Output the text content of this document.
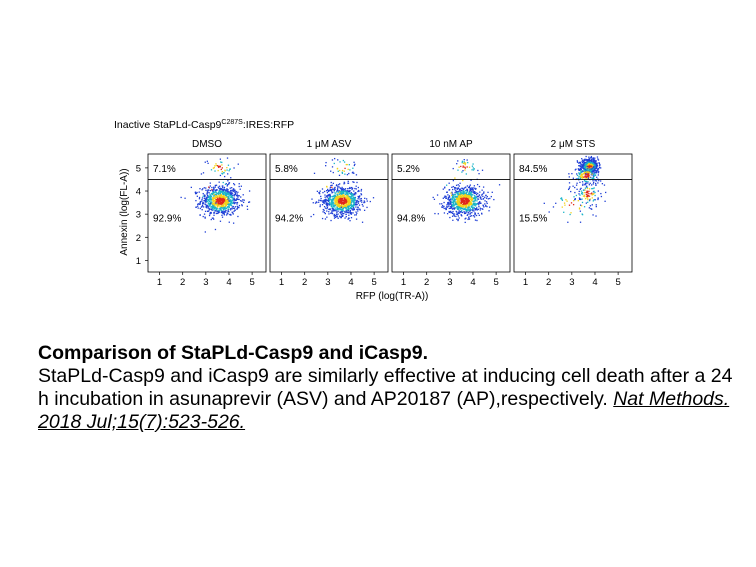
Inactive StaPLd-$Casp9^{C287S}:IRES:RFP$
Annexin (log(FL-A))
RFP (log(TR-A))
1
2
3
4
5
DMSO
7.1%
92.9%
1 2 3 4 5
1 μM ASV
5.8%
94.2%
1 2 3 4 5
10 nM AP
5.2%
94.8%
1 2 3 4 5
2 μM STS
84.5%
15.5%
1 2 3 4 5
Comparison of StaPLd-Casp9 and iCasp9.
StaPLd-Casp9 and iCasp9 are similarly effective at inducing cell death after a 24 h incubation in asunaprevir (ASV) and AP20187 (AP),respectively. Nat Methods. 2018 Jul;15(7):523-526.
